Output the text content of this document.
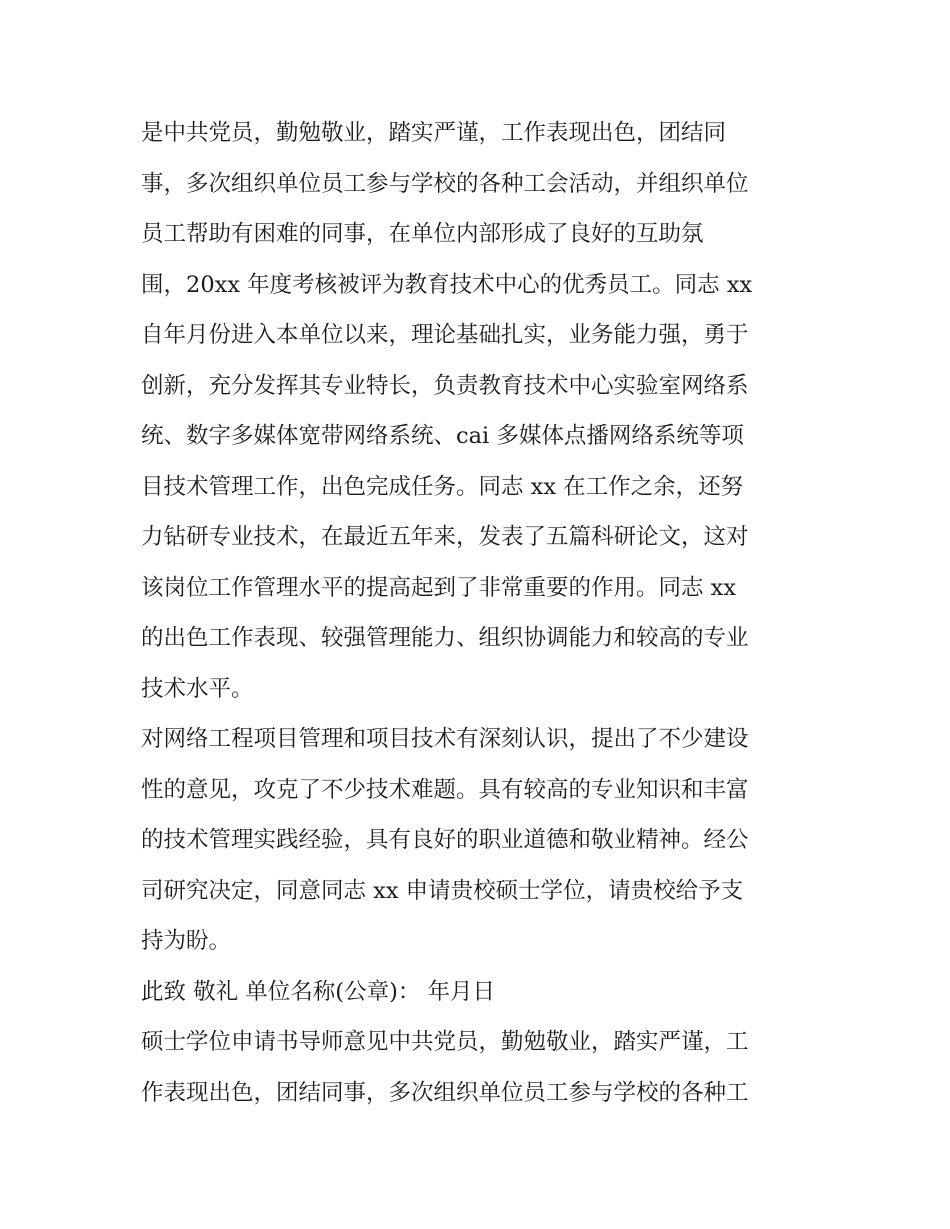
是中共党员，勤勉敬业，踏实严谨，工作表现出色，团结同
事，多次组织单位员工参与学校的各种工会活动，并组织单位
员工帮助有困难的同事，在单位内部形成了良好的互助氛
围，20xx 年度考核被评为教育技术中心的优秀员工。同志 xx
自年月份进入本单位以来，理论基础扎实，业务能力强，勇于
创新，充分发挥其专业特长，负责教育技术中心实验室网络系
统、数字多媒体宽带网络系统、cai 多媒体点播网络系统等项
目技术管理工作，出色完成任务。同志 xx 在工作之余，还努
力钻研专业技术，在最近五年来，发表了五篇科研论文，这对
该岗位工作管理水平的提高起到了非常重要的作用。同志 xx
的出色工作表现、较强管理能力、组织协调能力和较高的专业
技术水平。
对网络工程项目管理和项目技术有深刻认识，提出了不少建设
性的意见，攻克了不少技术难题。具有较高的专业知识和丰富
的技术管理实践经验，具有良好的职业道德和敬业精神。经公
司研究决定，同意同志 xx 申请贵校硕士学位，请贵校给予支
持为盼。
此致 敬礼 单位名称(公章)： 年月日
硕士学位申请书导师意见中共党员，勤勉敬业，踏实严谨，工
作表现出色，团结同事，多次组织单位员工参与学校的各种工
